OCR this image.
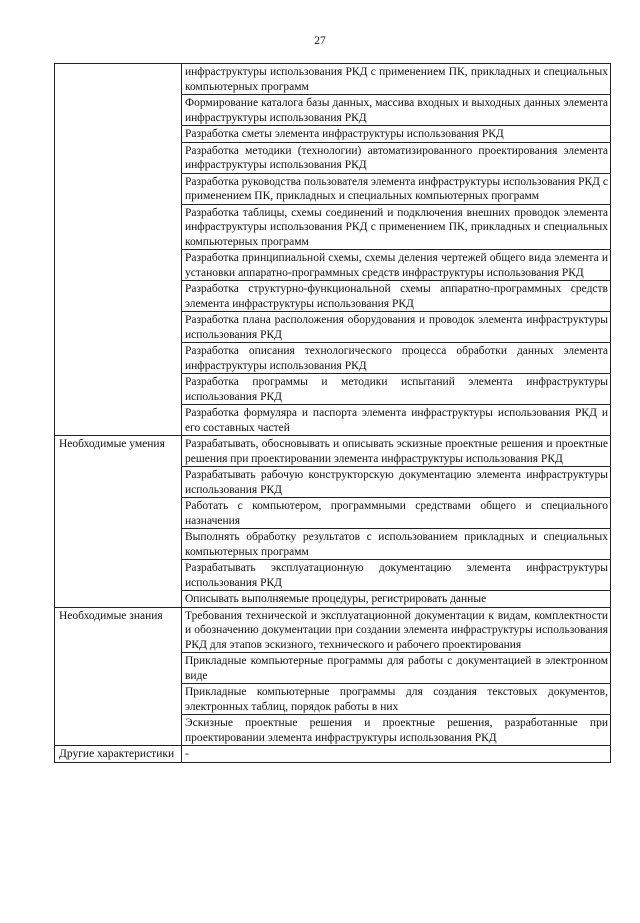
27
	инфраструктуры использования РКД с применением ПК, прикладных и специальных компьютерных программ
	Формирование каталога базы данных, массива входных и выходных данных элемента инфраструктуры использования РКД
	Разработка сметы элемента инфраструктуры использования РКД
	Разработка методики (технологии) автоматизированного проектирования элемента инфраструктуры использования РКД
	Разработка руководства пользователя элемента инфраструктуры использования РКД с применением ПК, прикладных и специальных компьютерных программ
	Разработка таблицы, схемы соединений и подключения внешних проводок элемента инфраструктуры использования РКД с применением ПК, прикладных и специальных компьютерных программ
	Разработка принципиальной схемы, схемы деления чертежей общего вида элемента и установки аппаратно-программных средств инфраструктуры использования РКД
	Разработка структурно-функциональной схемы аппаратно-программных средств элемента инфраструктуры использования РКД
	Разработка плана расположения оборудования и проводок элемента инфраструктуры использования РКД
	Разработка описания технологического процесса обработки данных элемента инфраструктуры использования РКД
	Разработка программы и методики испытаний элемента инфраструктуры использования РКД
	Разработка формуляра и паспорта элемента инфраструктуры использования РКД и его составных частей
Необходимые умения	Разрабатывать, обосновывать и описывать эскизные проектные решения и проектные решения при проектировании элемента инфраструктуры использования РКД
	Разрабатывать рабочую конструкторскую документацию элемента инфраструктуры использования РКД
	Работать с компьютером, программными средствами общего и специального назначения
	Выполнять обработку результатов с использованием прикладных и специальных компьютерных программ
	Разрабатывать эксплуатационную документацию элемента инфраструктуры использования РКД
	Описывать выполняемые процедуры, регистрировать данные
Необходимые знания	Требования технической и эксплуатационной документации к видам, комплектности и обозначению документации при создании элемента инфраструктуры использования РКД для этапов эскизного, технического и рабочего проектирования
	Прикладные компьютерные программы для работы с документацией в электронном виде
	Прикладные компьютерные программы для создания текстовых документов, электронных таблиц, порядок работы в них
	Эскизные проектные решения и проектные решения, разработанные при проектировании элемента инфраструктуры использования РКД
Другие характеристики	-
